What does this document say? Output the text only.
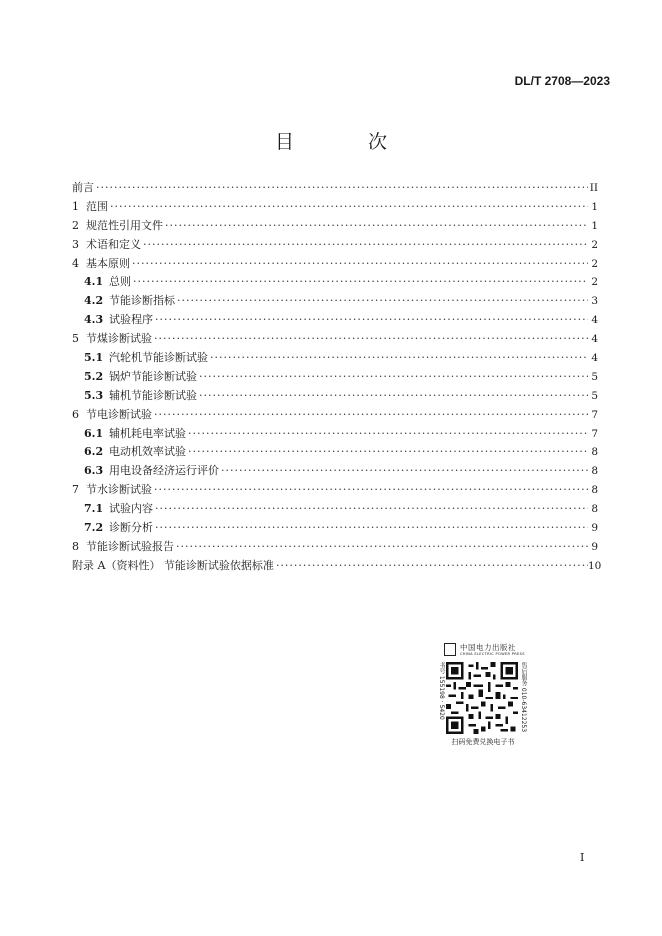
DL/T 2708—2023
目 次
前言 ·····	II
1 范围 ·····	1
2 规范性引用文件 ·····	1
3 术语和定义 ·····	2
4 基本原则 ·····	2
4.1 总则 ·····	2
4.2 节能诊断指标 ·····	3
4.3 试验程序 ·····	4
5 节煤诊断试验 ·····	4
5.1 汽轮机节能诊断试验 ·····	4
5.2 锅炉节能诊断试验 ·····	5
5.3 辅机节能诊断试验 ·····	5
6 节电诊断试验 ·····	7
6.1 辅机耗电率试验 ·····	7
6.2 电动机效率试验 ·····	8
6.3 用电设备经济运行评价 ·····	8
7 节水诊断试验 ·····	8
7.1 试验内容 ·····	8
7.2 诊断分析 ·····	9
8 节能诊断试验报告 ·····	9
附录 A（资料性） 节能诊断试验依据标准 ·····	10
中国电力出版社
CHINA ELECTRIC POWER PRESS
书号 155198 · 5420	售后服务 010-63412253
扫码免费兑换电子书
I
